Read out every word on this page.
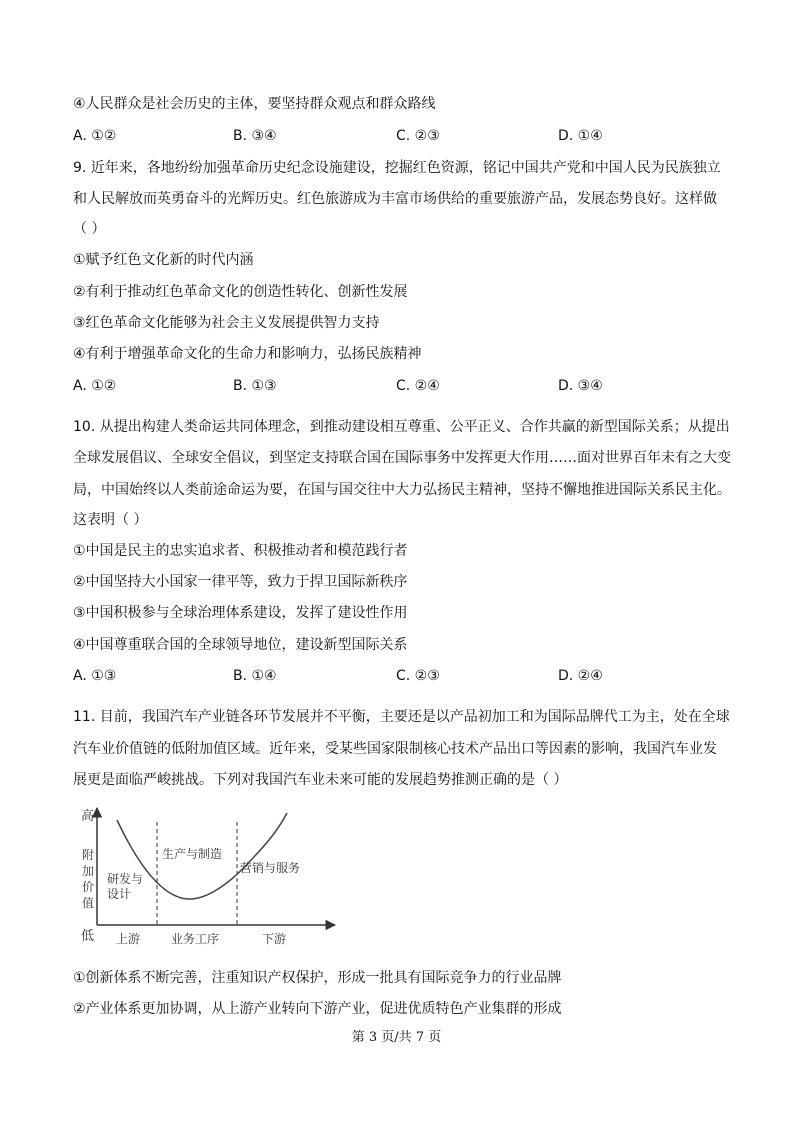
④人民群众是社会历史的主体，要坚持群众观点和群众路线
A. ①②	B. ③④	C. ②③	D. ①④
9. 近年来，各地纷纷加强革命历史纪念设施建设，挖掘红色资源，铭记中国共产党和中国人民为民族独立
和人民解放而英勇奋斗的光辉历史。红色旅游成为丰富市场供给的重要旅游产品，发展态势良好。这样做
（ ）
①赋予红色文化新的时代内涵
②有利于推动红色革命文化的创造性转化、创新性发展
③红色革命文化能够为社会主义发展提供智力支持
④有利于增强革命文化的生命力和影响力，弘扬民族精神
A. ①②	B. ①③	C. ②④	D. ③④
10. 从提出构建人类命运共同体理念，到推动建设相互尊重、公平正义、合作共赢的新型国际关系；从提出
全球发展倡议、全球安全倡议，到坚定支持联合国在国际事务中发挥更大作用……面对世界百年未有之大变
局，中国始终以人类前途命运为要，在国与国交往中大力弘扬民主精神，坚持不懈地推进国际关系民主化。
这表明（ ）
①中国是民主的忠实追求者、积极推动者和模范践行者
②中国坚持大小国家一律平等，致力于捍卫国际新秩序
③中国积极参与全球治理体系建设，发挥了建设性作用
④中国尊重联合国的全球领导地位，建设新型国际关系
A. ①③	B. ①④	C. ②③	D. ②④
11. 目前，我国汽车产业链各环节发展并不平衡，主要还是以产品初加工和为国际品牌代工为主，处在全球
汽车业价值链的低附加值区域。近年来，受某些国家限制核心技术产品出口等因素的影响，我国汽车业发
展更是面临严峻挑战。下列对我国汽车业未来可能的发展趋势推测正确的是（ ）
高
附
加
价
值
低
研发与
设计
生产与制造
营销与服务
上游	业务工序	下游
①创新体系不断完善，注重知识产权保护，形成一批具有国际竞争力的行业品牌
②产业体系更加协调，从上游产业转向下游产业，促进优质特色产业集群的形成
第 3 页/共 7 页
